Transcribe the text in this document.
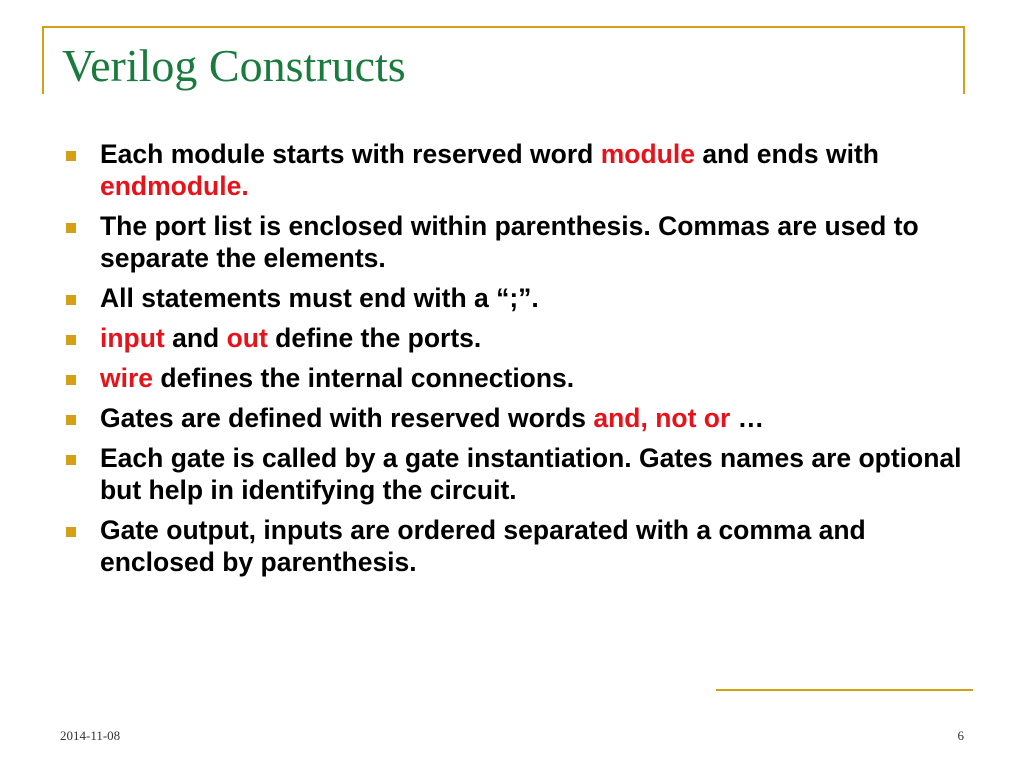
Verilog Constructs
Each module starts with reserved word module and ends with endmodule.
The port list is enclosed within parenthesis. Commas are used to separate the elements.
All statements must end with a “;”.
input and out define the ports.
wire defines the internal connections.
Gates are defined with reserved words and, not or …
Each gate is called by a gate instantiation. Gates names are optional but help in identifying the circuit.
Gate output, inputs are ordered separated with a comma and enclosed by parenthesis.
2014-11-08	6
